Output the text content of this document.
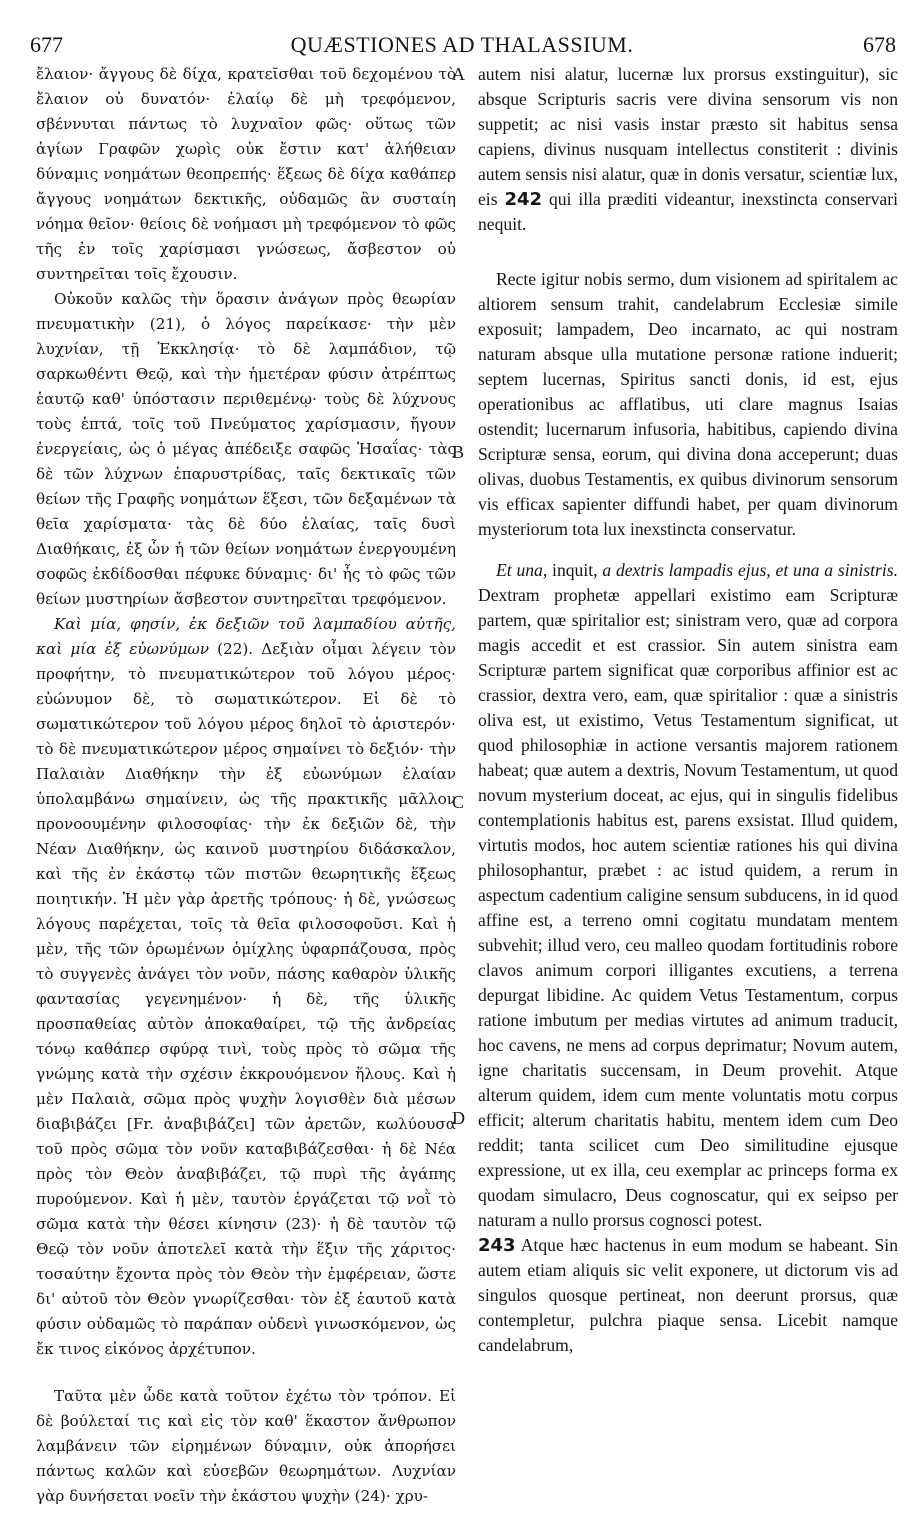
677	QUÆSTIONES AD THALASSIUM.	678

ἔλαιον· ἄγγους δὲ δίχα, κρατεῖσθαι τοῦ δεχομένου τὸ ἔλαιον οὐ δυνατόν· ἐλαίῳ δὲ μὴ τρεφόμενον, σβέννυται πάντως τὸ λυχναῖον φῶς· οὕτως τῶν ἁγίων Γραφῶν χωρὶς οὐκ ἔστιν κατ' ἀλήθειαν δύναμις νοημάτων θεοπρεπής· ἕξεως δὲ δίχα καθάπερ ἄγγους νοημάτων δεκτικῆς, οὐδαμῶς ἂν συσταίη νόημα θεῖον· θείοις δὲ νοήμασι μὴ τρεφόμενον τὸ φῶς τῆς ἐν τοῖς χαρίσμασι γνώσεως, ἄσβεστον οὐ συντηρεῖται τοῖς ἔχουσιν.

Οὐκοῦν καλῶς τὴν ὅρασιν ἀνάγων πρὸς θεωρίαν πνευματικὴν (21), ὁ λόγος παρείκασε· τὴν μὲν λυχνίαν, τῇ Ἐκκλησίᾳ· τὸ δὲ λαμπάδιον, τῷ σαρκωθέντι Θεῷ, καὶ τὴν ἡμετέραν φύσιν ἀτρέπτως ἑαυτῷ καθ' ὑπόστασιν περιθεμένῳ· τοὺς δὲ λύχνους τοὺς ἑπτά, τοῖς τοῦ Πνεύματος χαρίσμασιν, ἤγουν ἐνεργείαις, ὡς ὁ μέγας ἀπέδειξε σαφῶς Ἡσαΐας· τὰς δὲ τῶν λύχνων ἐπαρυστρίδας, ταῖς δεκτικαῖς τῶν θείων τῆς Γραφῆς νοημάτων ἕξεσι, τῶν δεξαμένων τὰ θεῖα χαρίσματα· τὰς δὲ δύο ἐλαίας, ταῖς δυσὶ Διαθήκαις, ἐξ ὧν ἡ τῶν θείων νοημάτων ἐνεργουμένη σοφῶς ἐκδίδοσθαι πέφυκε δύναμις· δι' ἧς τὸ φῶς τῶν θείων μυστηρίων ἄσβεστον συντηρεῖται τρεφόμενον.

Καὶ μία, φησίν, ἐκ δεξιῶν τοῦ λαμπαδίου αὐτῆς, καὶ μία ἐξ εὐωνύμων (22). Δεξιὰν οἶμαι λέγειν τὸν προφήτην, τὸ πνευματικώτερον τοῦ λόγου μέρος· εὐώνυμον δὲ, τὸ σωματικώτερον. Εἰ δὲ τὸ σωματικώτερον τοῦ λόγου μέρος δηλοῖ τὸ ἀριστερόν· τὸ δὲ πνευματικώτερον μέρος σημαίνει τὸ δεξιόν· τὴν Παλαιὰν Διαθήκην τὴν ἐξ εὐωνύμων ἐλαίαν ὑπολαμβάνω σημαίνειν, ὡς τῆς πρακτικῆς μᾶλλον προνοουμένην φιλοσοφίας· τὴν ἐκ δεξιῶν δὲ, τὴν Νέαν Διαθήκην, ὡς καινοῦ μυστηρίου διδάσκαλον, καὶ τῆς ἐν ἑκάστῳ τῶν πιστῶν θεωρητικῆς ἕξεως ποιητικήν. Ἡ μὲν γὰρ ἀρετῆς τρόπους· ἡ δὲ, γνώσεως λόγους παρέχεται, τοῖς τὰ θεῖα φιλοσοφοῦσι. Καὶ ἡ μὲν, τῆς τῶν ὁρωμένων ὁμίχλης ὑφαρπάζουσα, πρὸς τὸ συγγενὲς ἀνάγει τὸν νοῦν, πάσης καθαρὸν ὑλικῆς φαντασίας γεγενημένον· ἡ δὲ, τῆς ὑλικῆς προσπαθείας αὐτὸν ἀποκαθαίρει, τῷ τῆς ἀνδρείας τόνῳ καθάπερ σφύρᾳ τινὶ, τοὺς πρὸς τὸ σῶμα τῆς γνώμης κατὰ τὴν σχέσιν ἐκκρουόμενον ἥλους. Καὶ ἡ μὲν Παλαιὰ, σῶμα πρὸς ψυχὴν λογισθὲν διὰ μέσων διαβιβάζει [Fr. ἀναβιβάζει] τῶν ἀρετῶν, κωλύουσα τοῦ πρὸς σῶμα τὸν νοῦν καταβιβάζεσθαι· ἡ δὲ Νέα πρὸς τὸν Θεὸν ἀναβιβάζει, τῷ πυρὶ τῆς ἀγάπης πυρούμενον. Καὶ ἡ μὲν, ταυτὸν ἐργάζεται τῷ νοῒ τὸ σῶμα κατὰ τὴν θέσει κίνησιν (23)· ἡ δὲ ταυτὸν τῷ Θεῷ τὸν νοῦν ἀποτελεῖ κατὰ τὴν ἕξιν τῆς χάριτος· τοσαύτην ἔχοντα πρὸς τὸν Θεὸν τὴν ἐμφέρειαν, ὥστε δι' αὐτοῦ τὸν Θεὸν γνωρίζεσθαι· τὸν ἐξ ἑαυτοῦ κατὰ φύσιν οὐδαμῶς τὸ παράπαν οὐδενὶ γινωσκόμενον, ὡς ἔκ τινος εἰκόνος ἀρχέτυπον.

Ταῦτα μὲν ὧδε κατὰ τοῦτον ἐχέτω τὸν τρόπον. Εἰ δὲ βούλεταί τις καὶ εἰς τὸν καθ' ἕκαστον ἄνθρωπον λαμβάνειν τῶν εἰρημένων δύναμιν, οὐκ ἀπορήσει πάντως καλῶν καὶ εὐσεβῶν θεωρημάτων. Λυχνίαν γὰρ δυνήσεται νοεῖν τὴν ἑκάστου ψυχὴν (24)· χρυ-

A
B
C
D

autem nisi alatur, lucernæ lux prorsus exstinguitur), sic absque Scripturis sacris vere divina sensorum vis non suppetit; ac nisi vasis instar præsto sit habitus sensa capiens, divinus nusquam intellectus constiterit : divinis autem sensis nisi alatur, quæ in donis versatur, scientiæ lux, eis 242 qui illa præditi videantur, inexstincta conservari nequit.

Recte igitur nobis sermo, dum visionem ad spiritalem ac altiorem sensum trahit, candelabrum Ecclesiæ simile exposuit; lampadem, Deo incarnato, ac qui nostram naturam absque ulla mutatione personæ ratione induerit; septem lucernas, Spiritus sancti donis, id est, ejus operationibus ac afflatibus, uti clare magnus Isaias ostendit; lucernarum infusoria, habitibus, capiendo divina Scripturæ sensa, eorum, qui divina dona acceperunt; duas olivas, duobus Testamentis, ex quibus divinorum sensorum vis efficax sapienter diffundi habet, per quam divinorum mysteriorum tota lux inexstincta conservatur.

Et una, inquit, a dextris lampadis ejus, et una a sinistris. Dextram prophetæ appellari existimo eam Scripturæ partem, quæ spiritalior est; sinistram vero, quæ ad corpora magis accedit et est crassior. Sin autem sinistra eam Scripturæ partem significat quæ corporibus affinior est ac crassior, dextra vero, eam, quæ spiritalior : quæ a sinistris oliva est, ut existimo, Vetus Testamentum significat, ut quod philosophiæ in actione versantis majorem rationem habeat; quæ autem a dextris, Novum Testamentum, ut quod novum mysterium doceat, ac ejus, qui in singulis fidelibus contemplationis habitus est, parens exsistat. Illud quidem, virtutis modos, hoc autem scientiæ rationes his qui divina philosophantur, præbet : ac istud quidem, a rerum in aspectum cadentium caligine sensum subducens, in id quod affine est, a terreno omni cogitatu mundatam mentem subvehit; illud vero, ceu malleo quodam fortitudinis robore clavos animum corpori illigantes excutiens, a terrena depurgat libidine. Ac quidem Vetus Testamentum, corpus ratione imbutum per medias virtutes ad animum traducit, hoc cavens, ne mens ad corpus deprimatur; Novum autem, igne charitatis succensam, in Deum provehit. Atque alterum quidem, idem cum mente voluntatis motu corpus efficit; alterum charitatis habitu, mentem idem cum Deo reddit; tanta scilicet cum Deo similitudine ejusque expressione, ut ex illa, ceu exemplar ac princeps forma ex quodam simulacro, Deus cognoscatur, qui ex seipso per naturam a nullo prorsus cognosci potest.

243 Atque hæc hactenus in eum modum se habeant. Sin autem etiam aliquis sic velit exponere, ut dictorum vis ad singulos quosque pertineat, non deerunt prorsus, quæ contempletur, pulchra piaque sensa. Licebit namque candelabrum,
